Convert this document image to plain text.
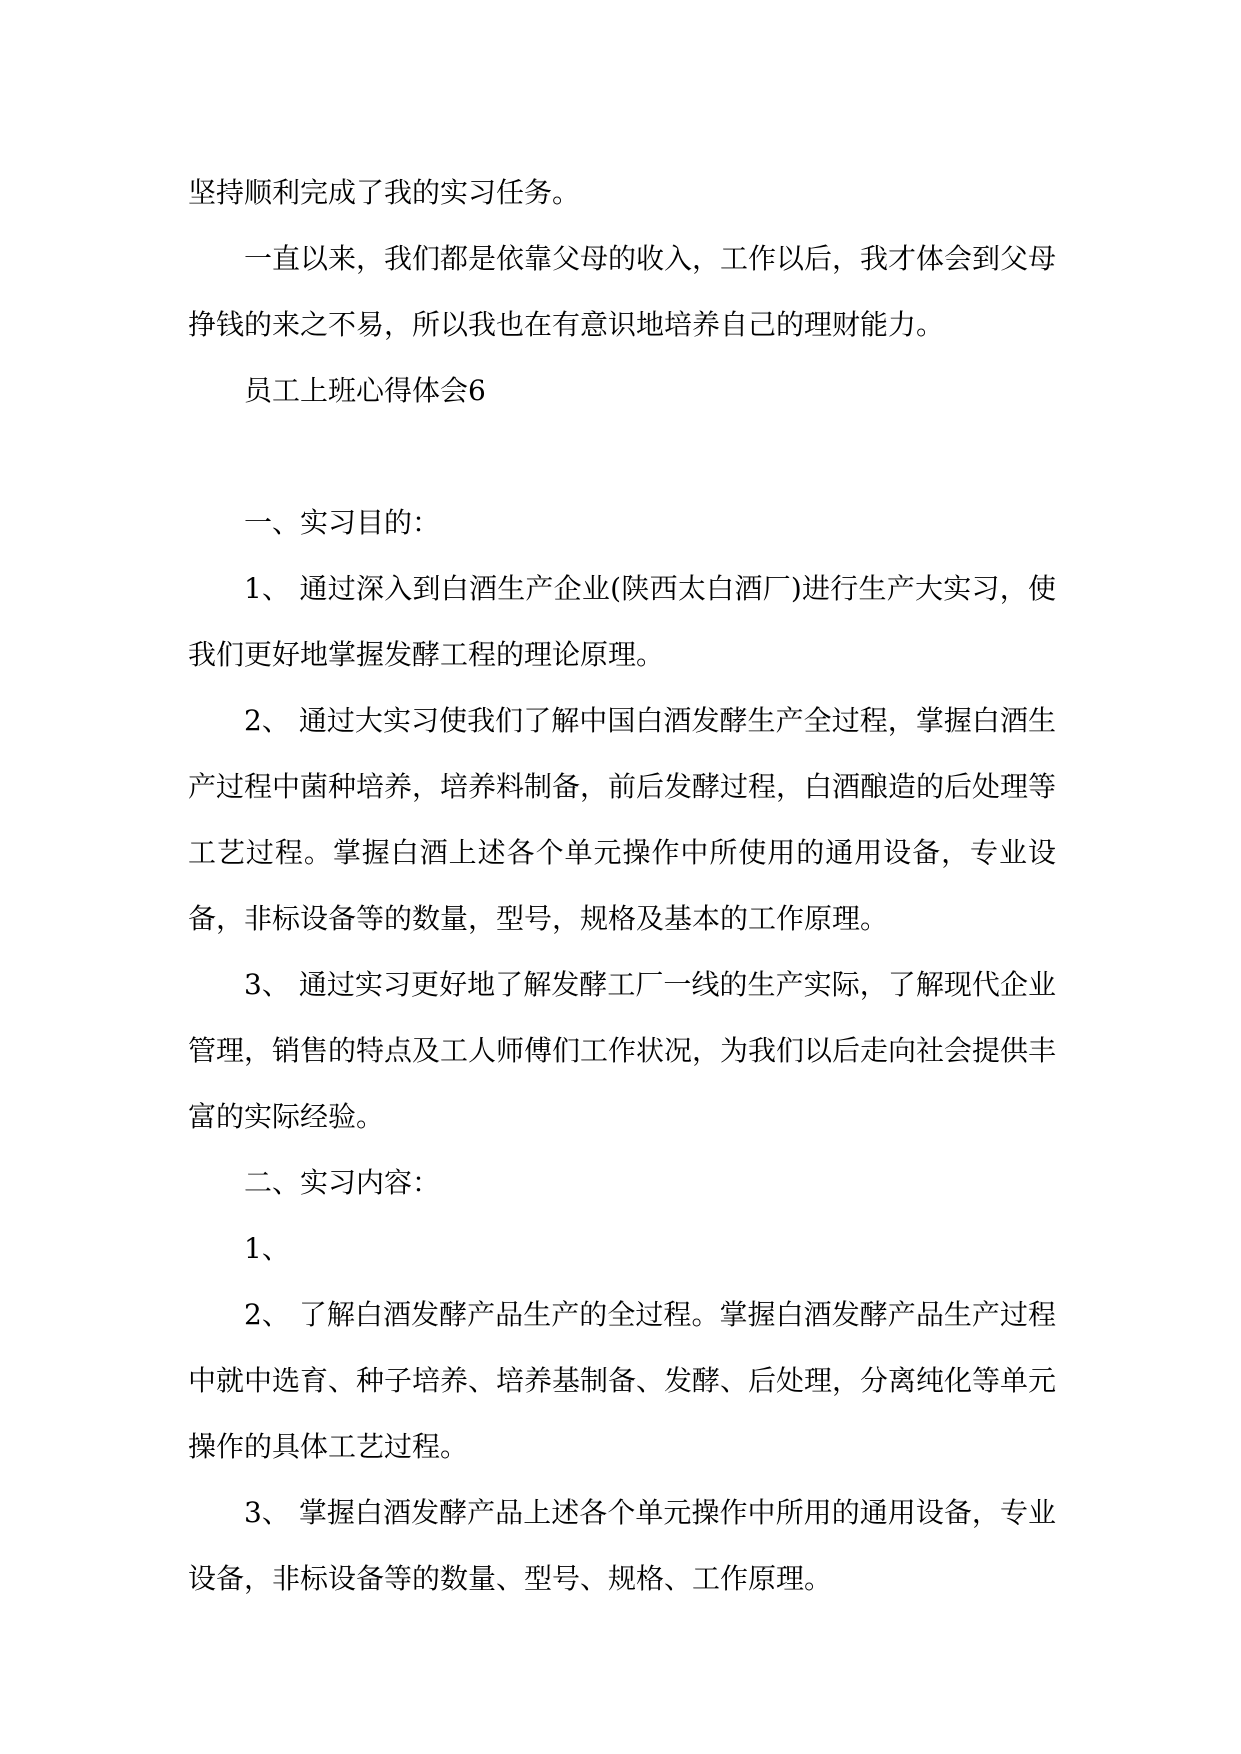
坚持顺利完成了我的实习任务。

一直以来，我们都是依靠父母的收入，工作以后，我才体会到父母挣钱的来之不易，所以我也在有意识地培养自己的理财能力。

员工上班心得体会6

一、实习目的：

1、 通过深入到白酒生产企业(陕西太白酒厂)进行生产大实习，使我们更好地掌握发酵工程的理论原理。

2、 通过大实习使我们了解中国白酒发酵生产全过程，掌握白酒生产过程中菌种培养，培养料制备，前后发酵过程，白酒酿造的后处理等工艺过程。掌握白酒上述各个单元操作中所使用的通用设备，专业设备，非标设备等的数量，型号，规格及基本的工作原理。

3、 通过实习更好地了解发酵工厂一线的生产实际，了解现代企业管理，销售的特点及工人师傅们工作状况，为我们以后走向社会提供丰富的实际经验。

二、实习内容：

1、

2、 了解白酒发酵产品生产的全过程。掌握白酒发酵产品生产过程中就中选育、种子培养、培养基制备、发酵、后处理，分离纯化等单元操作的具体工艺过程。

3、 掌握白酒发酵产品上述各个单元操作中所用的通用设备，专业设备，非标设备等的数量、型号、规格、工作原理。
